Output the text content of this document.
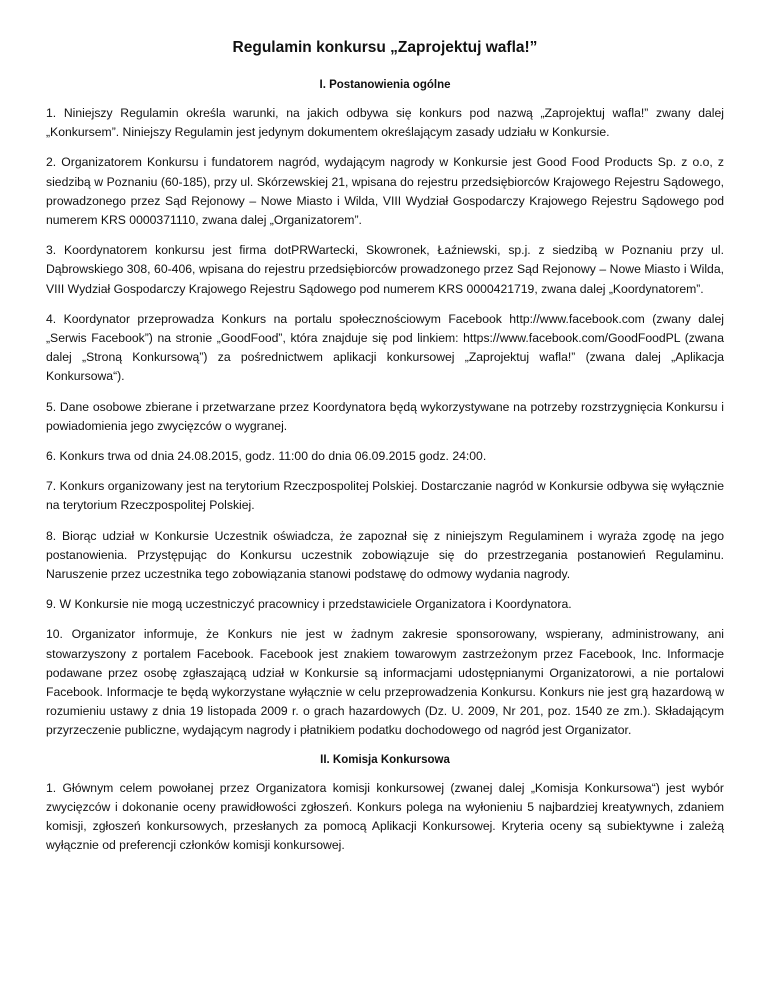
Regulamin konkursu „Zaprojektuj wafla!”
I. Postanowienia ogólne

1. Niniejszy Regulamin określa warunki, na jakich odbywa się konkurs pod nazwą „Zaprojektuj wafla!” zwany dalej „Konkursem”. Niniejszy Regulamin jest jedynym dokumentem określającym zasady udziału w Konkursie.

2. Organizatorem Konkursu i fundatorem nagród, wydającym nagrody w Konkursie jest Good Food Products Sp. z o.o, z siedzibą w Poznaniu (60-185), przy ul. Skórzewskiej 21, wpisana do rejestru przedsiębiorców Krajowego Rejestru Sądowego, prowadzonego przez Sąd Rejonowy – Nowe Miasto i Wilda, VIII Wydział Gospodarczy Krajowego Rejestru Sądowego pod numerem KRS 0000371110, zwana dalej „Organizatorem”.

3. Koordynatorem konkursu jest firma dotPRWartecki, Skowronek, Łaźniewski, sp.j. z siedzibą w Poznaniu przy ul. Dąbrowskiego 308, 60-406, wpisana do rejestru przedsiębiorców prowadzonego przez Sąd Rejonowy – Nowe Miasto i Wilda, VIII Wydział Gospodarczy Krajowego Rejestru Sądowego pod numerem KRS 0000421719, zwana dalej „Koordynatorem”.

4. Koordynator przeprowadza Konkurs na portalu społecznościowym Facebook http://www.facebook.com (zwany dalej „Serwis Facebook”) na stronie „GoodFood”, która znajduje się pod linkiem: https://www.facebook.com/GoodFoodPL (zwana dalej „Stroną Konkursową”) za pośrednictwem aplikacji konkursowej „Zaprojektuj wafla!” (zwana dalej „Aplikacja Konkursowa“).

5. Dane osobowe zbierane i przetwarzane przez Koordynatora będą wykorzystywane na potrzeby rozstrzygnięcia Konkursu i powiadomienia jego zwycięzców o wygranej.

6. Konkurs trwa od dnia 24.08.2015, godz. 11:00 do dnia 06.09.2015 godz. 24:00.

7. Konkurs organizowany jest na terytorium Rzeczpospolitej Polskiej. Dostarczanie nagród w Konkursie odbywa się wyłącznie na terytorium Rzeczpospolitej Polskiej.

8. Biorąc udział w Konkursie Uczestnik oświadcza, że zapoznał się z niniejszym Regulaminem i wyraża zgodę na jego postanowienia. Przystępując do Konkursu uczestnik zobowiązuje się do przestrzegania postanowień Regulaminu. Naruszenie przez uczestnika tego zobowiązania stanowi podstawę do odmowy wydania nagrody.

9. W Konkursie nie mogą uczestniczyć pracownicy i przedstawiciele Organizatora i Koordynatora.

10. Organizator informuje, że Konkurs nie jest w żadnym zakresie sponsorowany, wspierany, administrowany, ani stowarzyszony z portalem Facebook. Facebook jest znakiem towarowym zastrzeżonym przez Facebook, Inc. Informacje podawane przez osobę zgłaszającą udział w Konkursie są informacjami udostępnianymi Organizatorowi, a nie portalowi Facebook. Informacje te będą wykorzystane wyłącznie w celu przeprowadzenia Konkursu. Konkurs nie jest grą hazardową w rozumieniu ustawy z dnia 19 listopada 2009 r. o grach hazardowych (Dz. U. 2009, Nr 201, poz. 1540 ze zm.). Składającym przyrzeczenie publiczne, wydającym nagrody i płatnikiem podatku dochodowego od nagród jest Organizator.

II. Komisja Konkursowa

1. Głównym celem powołanej przez Organizatora komisji konkursowej (zwanej dalej „Komisja Konkursowa“) jest wybór zwycięzców i dokonanie oceny prawidłowości zgłoszeń. Konkurs polega na wyłonieniu 5 najbardziej kreatywnych, zdaniem komisji, zgłoszeń konkursowych, przesłanych za pomocą Aplikacji Konkursowej. Kryteria oceny są subiektywne i zależą wyłącznie od preferencji członków komisji konkursowej.
